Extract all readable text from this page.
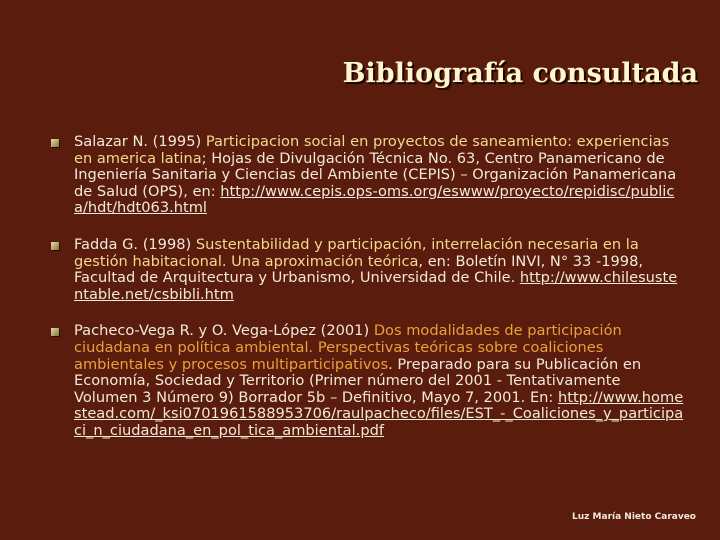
Bibliografía consultada
Salazar N. (1995) Participacion social en proyectos de saneamiento: experiencias en america latina; Hojas de Divulgación Técnica No. 63, Centro Panamericano de Ingeniería Sanitaria y Ciencias del Ambiente (CEPIS) – Organización Panamericana de Salud (OPS), en: http://www.cepis.ops-oms.org/eswww/proyecto/repidisc/publica/hdt/hdt063.html
Fadda G. (1998) Sustentabilidad y participación, interrelación necesaria en la gestión habitacional. Una aproximación teórica, en: Boletín INVI, N° 33 -1998, Facultad de Arquitectura y Urbanismo, Universidad de Chile. http://www.chilesustentable.net/csbibli.htm
Pacheco-Vega R. y O. Vega-López (2001) Dos modalidades de participación ciudadana en política ambiental. Perspectivas teóricas sobre coaliciones ambientales y procesos multiparticipativos. Preparado para su Publicación en Economía, Sociedad y Territorio (Primer número del 2001 - Tentativamente Volumen 3 Número 9) Borrador 5b – Definitivo, Mayo 7, 2001. En: http://www.homestead.com/_ksi0701961588953706/raulpacheco/files/EST_-_Coaliciones_y_participaci_n_ciudadana_en_pol_tica_ambiental.pdf
Luz María Nieto Caraveo
